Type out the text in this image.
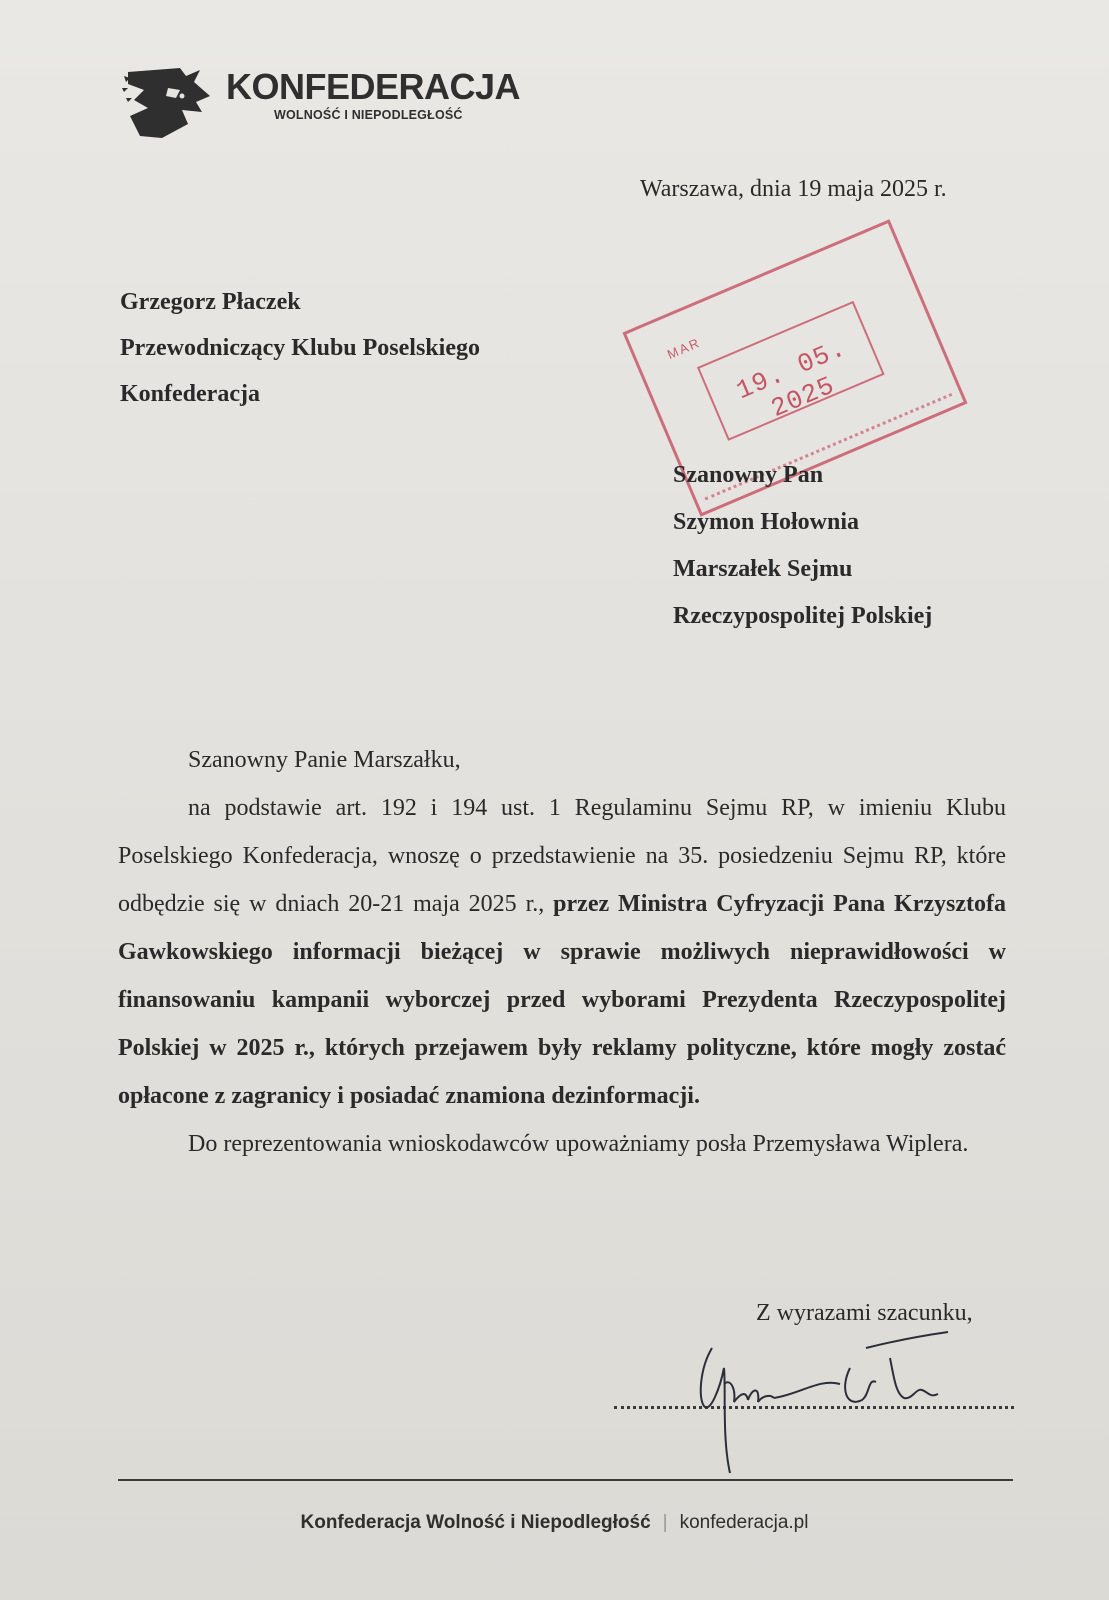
KONFEDERACJA
WOLNOŚĆ I NIEPODLEGŁOŚĆ
Warszawa, dnia 19 maja 2025 r.
Grzegorz Płaczek
Przewodniczący Klubu Poselskiego
Konfederacja
MAR	19. 05. 2025
Szanowny Pan
Szymon Hołownia
Marszałek Sejmu
Rzeczypospolitej Polskiej

Szanowny Panie Marszałku,

na podstawie art. 192 i 194 ust. 1 Regulaminu Sejmu RP, w imieniu Klubu Poselskiego Konfederacja, wnoszę o przedstawienie na 35. posiedzeniu Sejmu RP, które odbędzie się w dniach 20-21 maja 2025 r., przez Ministra Cyfryzacji Pana Krzysztofa Gawkowskiego informacji bieżącej w sprawie możliwych nieprawidłowości w finansowaniu kampanii wyborczej przed wyborami Prezydenta Rzeczypospolitej Polskiej w 2025 r., których przejawem były reklamy polityczne, które mogły zostać opłacone z zagranicy i posiadać znamiona dezinformacji.

Do reprezentowania wnioskodawców upoważniamy posła Przemysława Wiplera.

Z wyrazami szacunku,
Konfederacja Wolność i Niepodległość | konfederacja.pl
